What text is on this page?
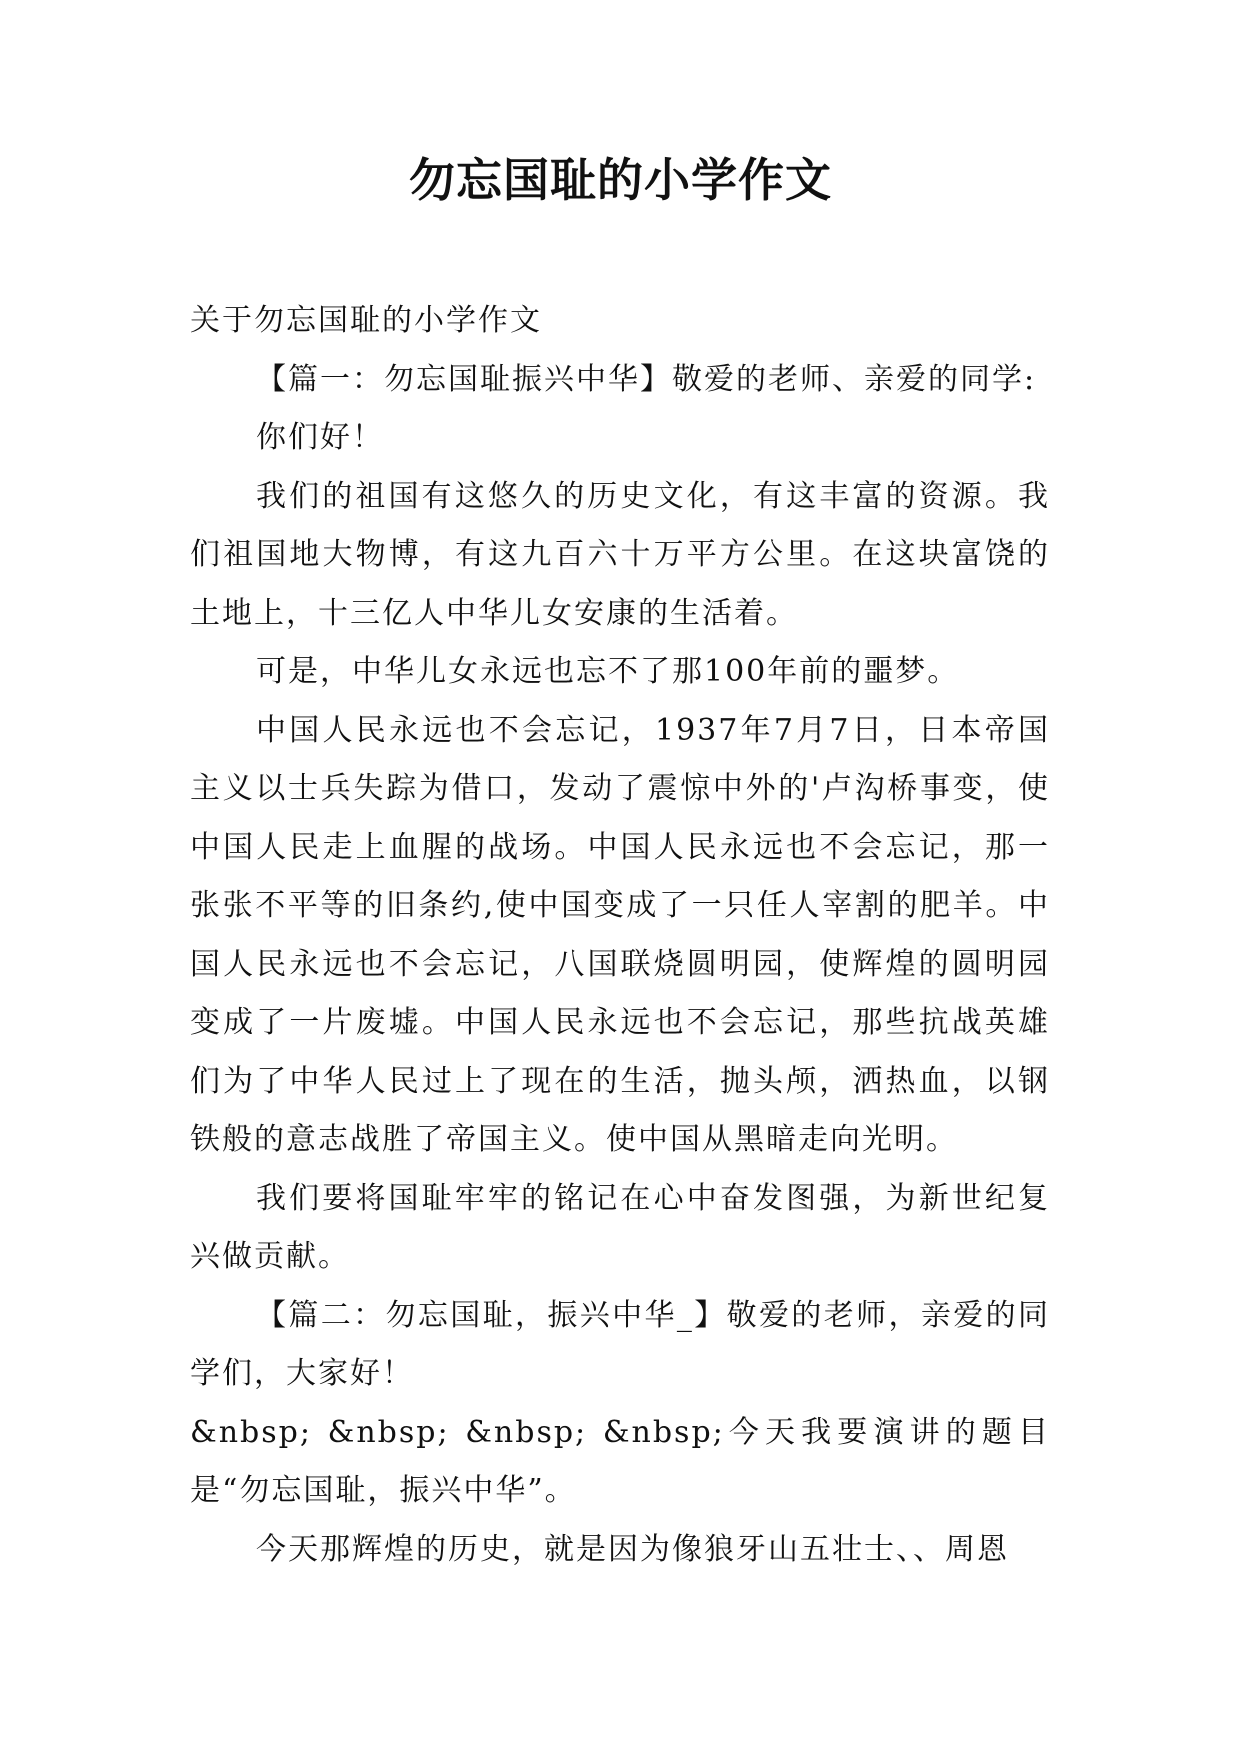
勿忘国耻的小学作文

关于勿忘国耻的小学作文

【篇一：勿忘国耻振兴中华】敬爱的老师、亲爱的同学:

你们好！

我们的祖国有这悠久的历史文化，有这丰富的资源。我们祖国地大物博，有这九百六十万平方公里。在这块富饶的土地上，十三亿人中华儿女安康的生活着。

可是，中华儿女永远也忘不了那100年前的噩梦。

中国人民永远也不会忘记，1937年7月7日，日本帝国主义以士兵失踪为借口，发动了震惊中外的'卢沟桥事变，使中国人民走上血腥的战场。中国人民永远也不会忘记，那一张张不平等的旧条约,使中国变成了一只任人宰割的肥羊。中国人民永远也不会忘记，八国联烧圆明园，使辉煌的圆明园变成了一片废墟。中国人民永远也不会忘记，那些抗战英雄们为了中华人民过上了现在的生活，抛头颅，洒热血，以钢铁般的意志战胜了帝国主义。使中国从黑暗走向光明。

我们要将国耻牢牢的铭记在心中奋发图强，为新世纪复兴做贡献。

【篇二：勿忘国耻，振兴中华_】敬爱的老师，亲爱的同学们，大家好！

&nbsp; &nbsp; &nbsp; &nbsp;今天我要演讲的题目是“勿忘国耻，振兴中华”。

今天那辉煌的历史，就是因为像狼牙山五壮士、、周恩
